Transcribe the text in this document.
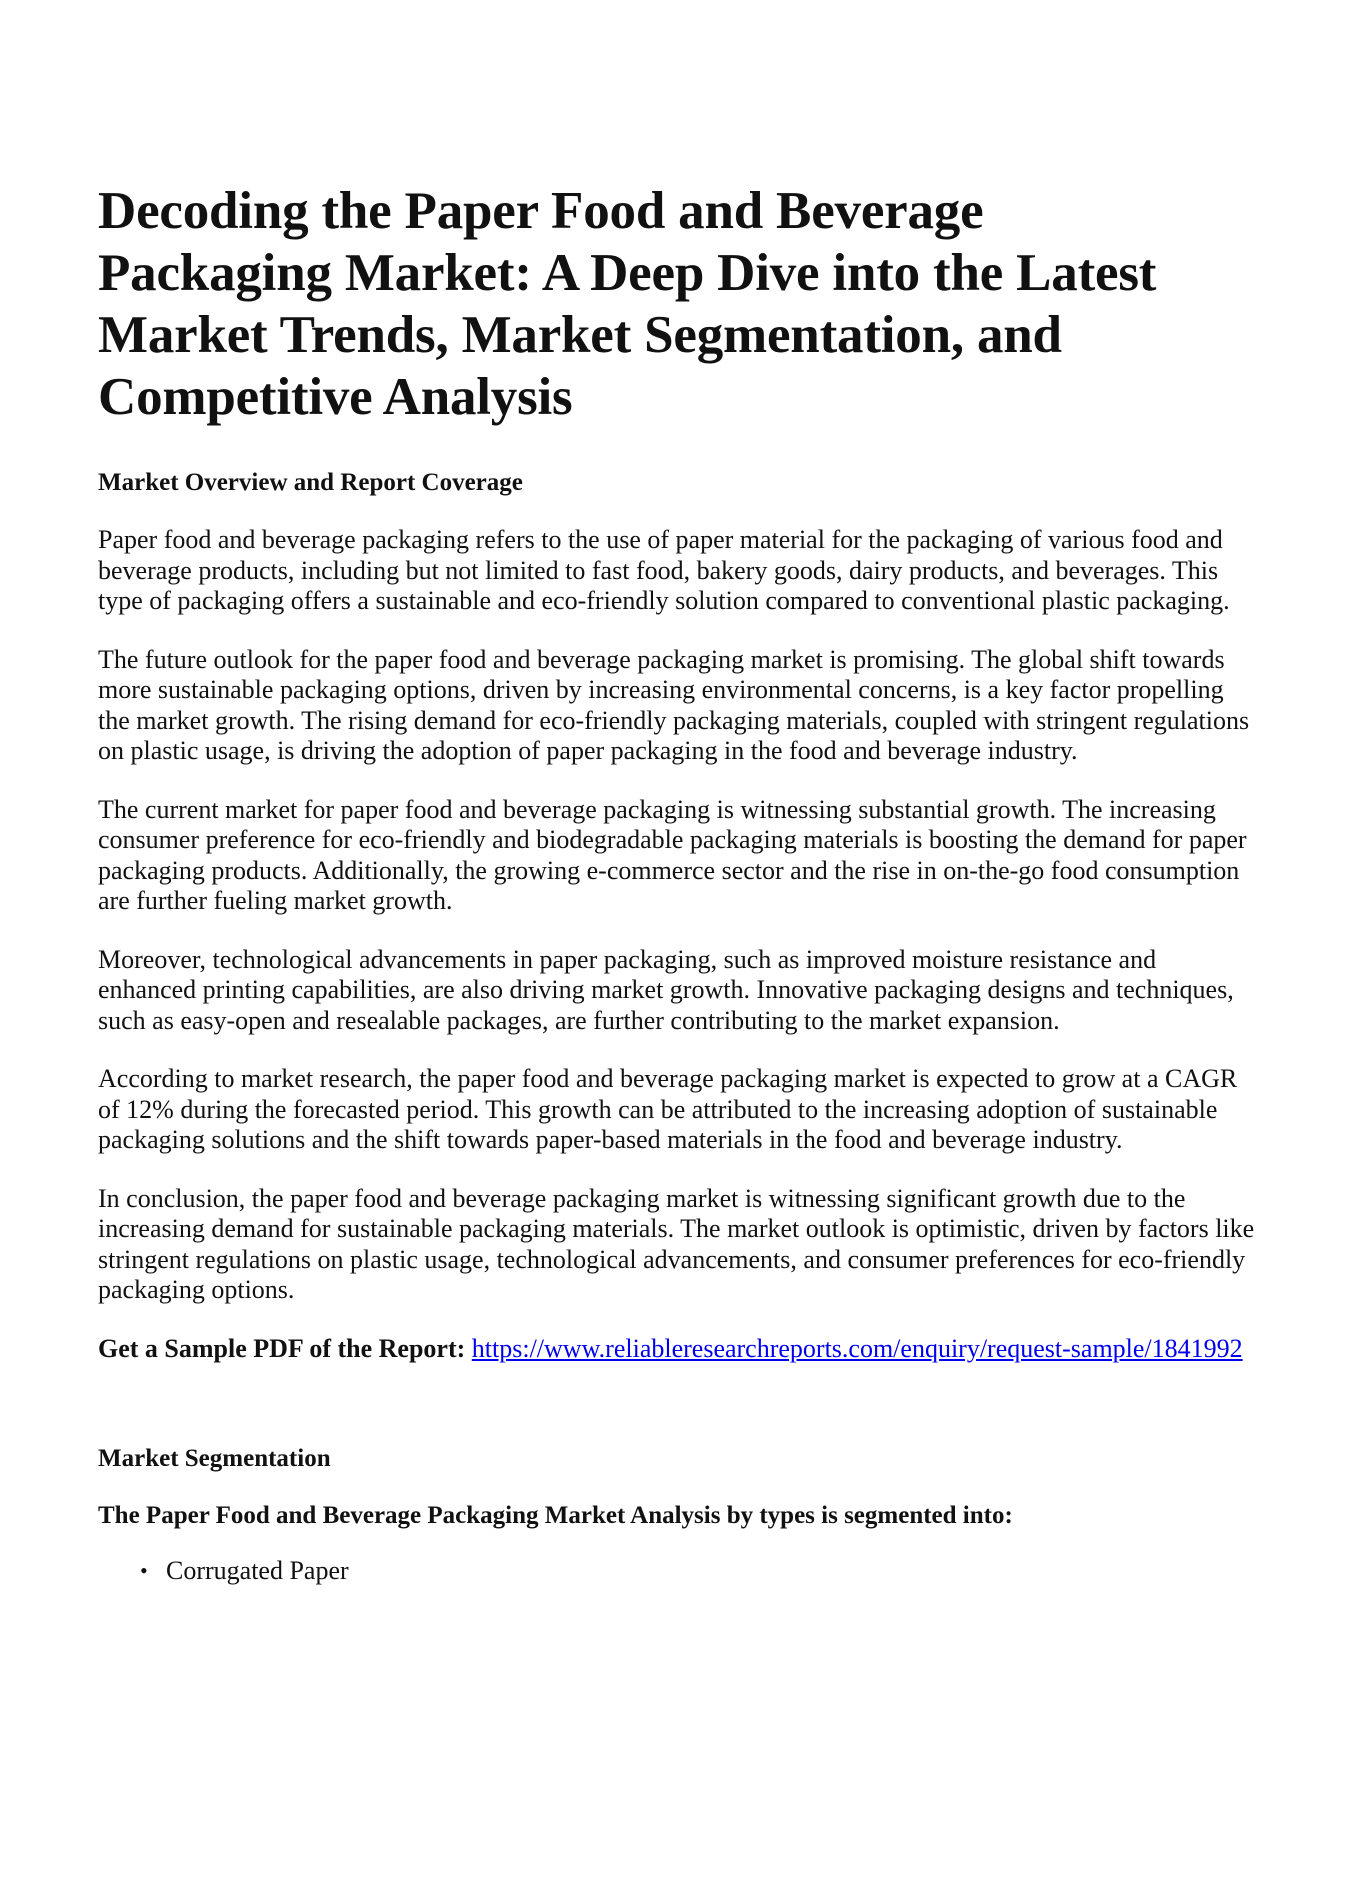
Decoding the Paper Food and Beverage Packaging Market: A Deep Dive into the Latest Market Trends, Market Segmentation, and Competitive Analysis
Market Overview and Report Coverage

Paper food and beverage packaging refers to the use of paper material for the packaging of various food and beverage products, including but not limited to fast food, bakery goods, dairy products, and beverages. This type of packaging offers a sustainable and eco-friendly solution compared to conventional plastic packaging.

The future outlook for the paper food and beverage packaging market is promising. The global shift towards more sustainable packaging options, driven by increasing environmental concerns, is a key factor propelling the market growth. The rising demand for eco-friendly packaging materials, coupled with stringent regulations on plastic usage, is driving the adoption of paper packaging in the food and beverage industry.

The current market for paper food and beverage packaging is witnessing substantial growth. The increasing consumer preference for eco-friendly and biodegradable packaging materials is boosting the demand for paper packaging products. Additionally, the growing e-commerce sector and the rise in on-the-go food consumption are further fueling market growth.

Moreover, technological advancements in paper packaging, such as improved moisture resistance and enhanced printing capabilities, are also driving market growth. Innovative packaging designs and techniques, such as easy-open and resealable packages, are further contributing to the market expansion.

According to market research, the paper food and beverage packaging market is expected to grow at a CAGR of 12% during the forecasted period. This growth can be attributed to the increasing adoption of sustainable packaging solutions and the shift towards paper-based materials in the food and beverage industry.

In conclusion, the paper food and beverage packaging market is witnessing significant growth due to the increasing demand for sustainable packaging materials. The market outlook is optimistic, driven by factors like stringent regulations on plastic usage, technological advancements, and consumer preferences for eco-friendly packaging options.

Get a Sample PDF of the Report: https://www.reliableresearchreports.com/enquiry/request-sample/1841992
Market Segmentation
The Paper Food and Beverage Packaging Market Analysis by types is segmented into:
• Corrugated Paper
